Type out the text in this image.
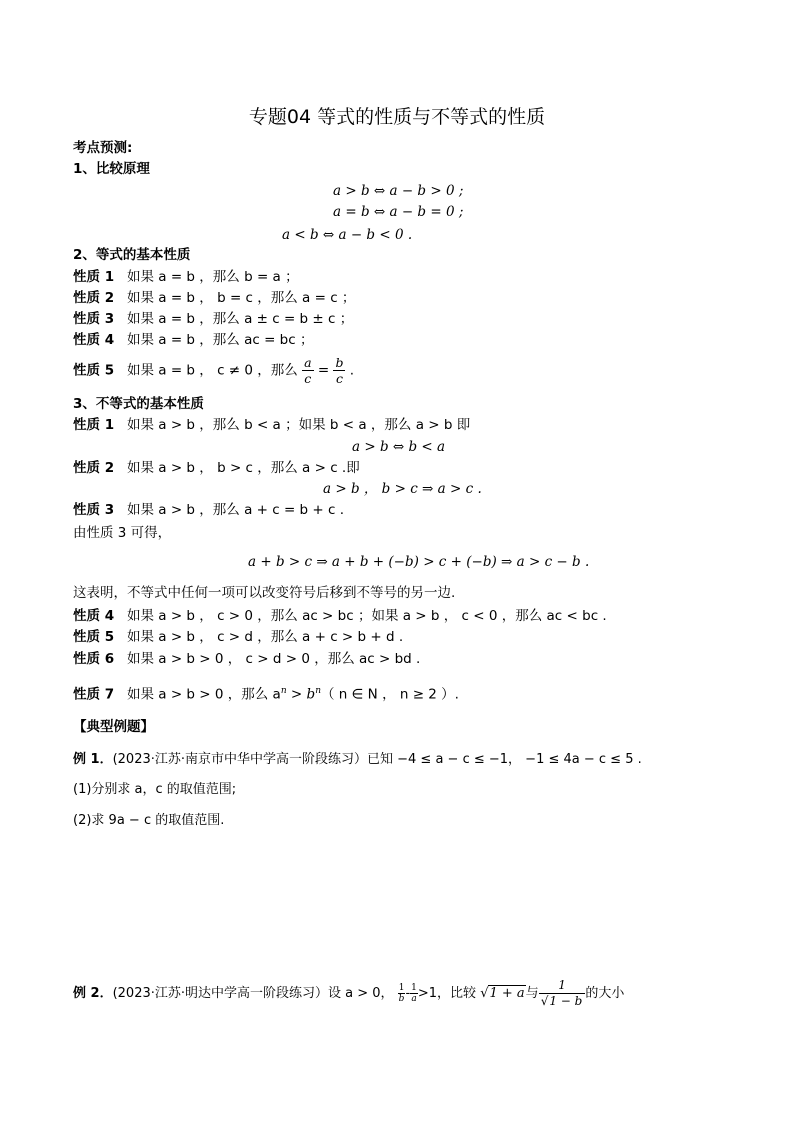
专题04 等式的性质与不等式的性质
考点预测:
1、比较原理
a > b ⇔ a − b > 0 ;
a = b ⇔ a − b = 0 ;
a < b ⇔ a − b < 0 .
2、等式的基本性质
性质 1 如果 a = b ，那么 b = a ；
性质 2 如果 a = b ， b = c ，那么 a = c ；
性质 3 如果 a = b ，那么 a ± c = b ± c ；
性质 4 如果 a = b ，那么 ac = bc ；
性质 5 如果 a = b ， c ≠ 0 ，那么 $\frac{a}{c} = \frac{b}{c}$ .
3、不等式的基本性质
性质 1 如果 a > b ，那么 b < a ；如果 b < a ，那么 a > b 即
a > b ⇔ b < a
性质 2 如果 a > b ， b > c ，那么 a > c .即
a > b ， b > c ⇒ a > c .
性质 3 如果 a > b ，那么 a + c = b + c .
由性质 3 可得，
a + b > c ⇒ a + b + (−b) > c + (−b) ⇒ a > c − b .
这表明，不等式中任何一项可以改变符号后移到不等号的另一边.
性质 4 如果 a > b ， c > 0 ，那么 ac > bc ；如果 a > b ， c < 0 ，那么 ac < bc .
性质 5 如果 a > b ， c > d ，那么 a + c > b + d .
性质 6 如果 a > b > 0 ， c > d > 0 ，那么 ac > bd .
性质 7 如果 a > b > 0 ，那么 $a^n > b^n$（ n ∈ N ， n ≥ 2 ）.
【典型例题】
例 1．(2023·江苏·南京市中华中学高一阶段练习）已知 −4 ≤ a − c ≤ −1， −1 ≤ 4a − c ≤ 5 .
(1)分别求 a，c 的取值范围;
(2)求 9a − c 的取值范围.
例 2．(2023·江苏·明达中学高一阶段练习）设 a > 0， $\frac{1}{b} - \frac{1}{a} >1$，比较 √1 + a与 $\frac{1}{√1 - b}$ 的大小
